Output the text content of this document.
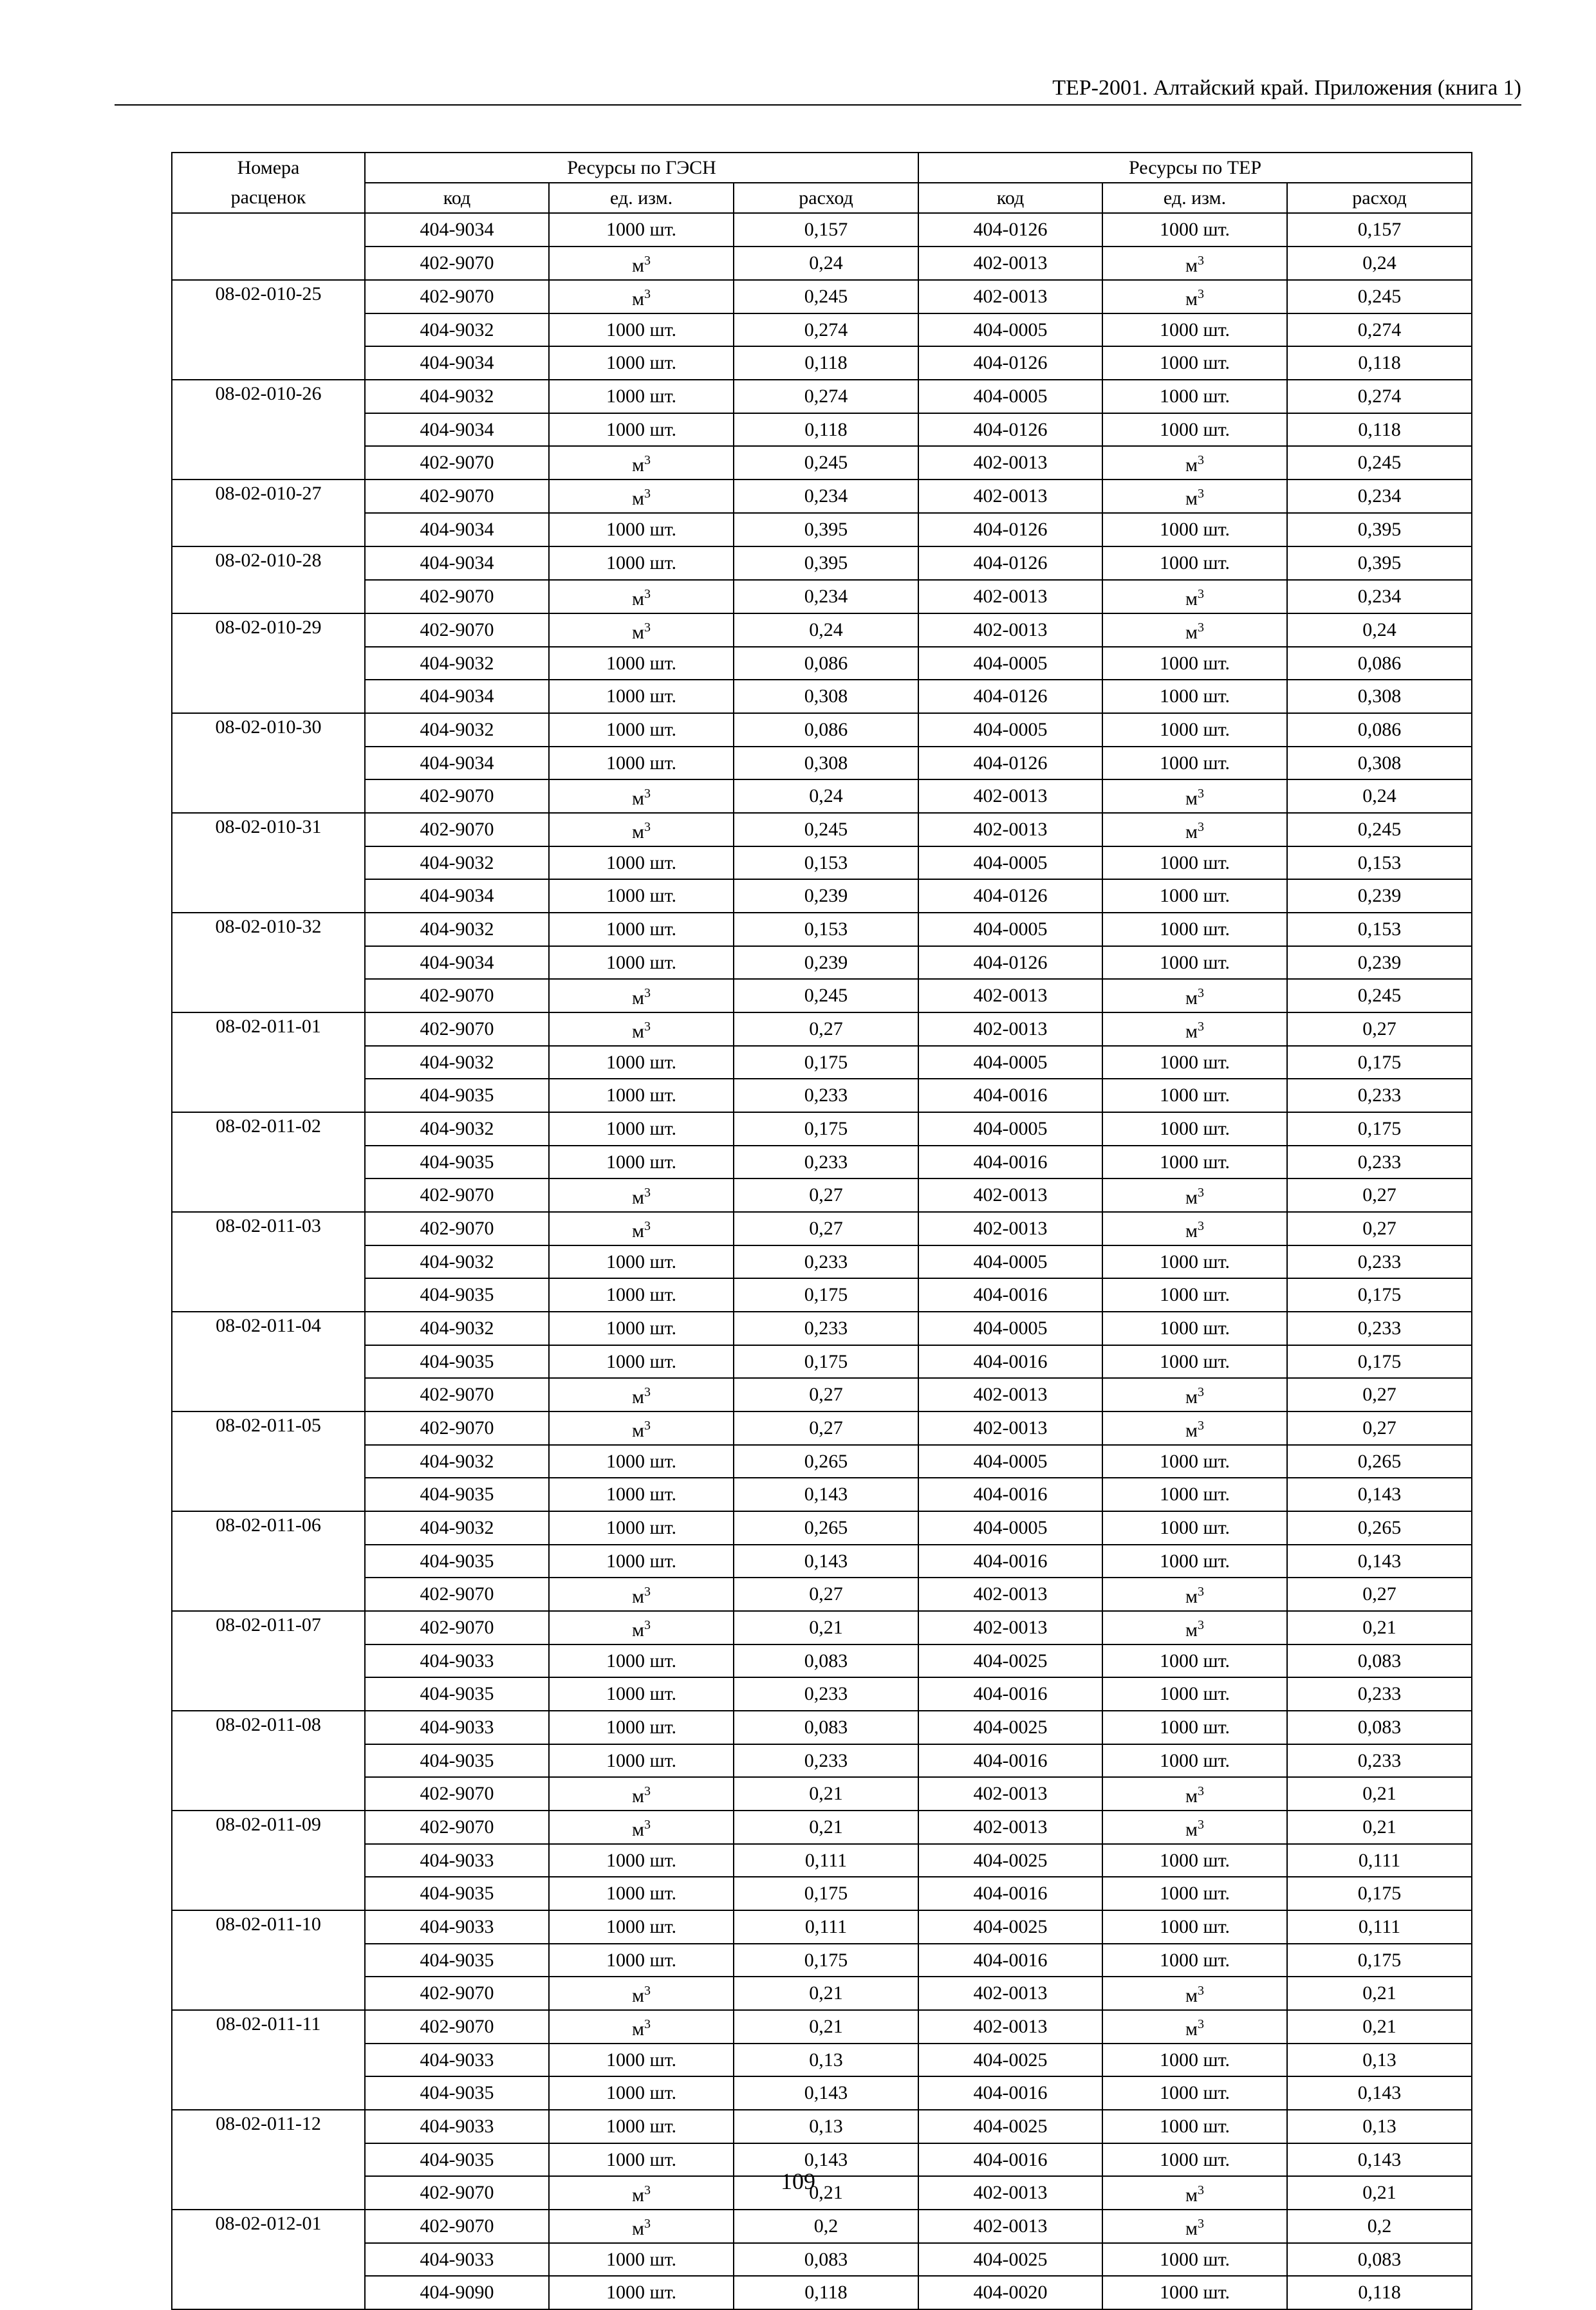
ТЕР-2001. Алтайский край. Приложения (книга 1)
Номера	Ресурсы по ГЭСН			Ресурсы по ТЕР		
расценок	код	ед. изм.	расход	код	ед. изм.	расход
	404-9034	1000 шт.	0,157	404-0126	1000 шт.	0,157
	402-9070	$м^3$	0,24	402-0013	$м^3$	0,24
08-02-010-25	402-9070	$м^3$	0,245	402-0013	$м^3$	0,245
	404-9032	1000 шт.	0,274	404-0005	1000 шт.	0,274
	404-9034	1000 шт.	0,118	404-0126	1000 шт.	0,118
08-02-010-26	404-9032	1000 шт.	0,274	404-0005	1000 шт.	0,274
	404-9034	1000 шт.	0,118	404-0126	1000 шт.	0,118
	402-9070	$м^3$	0,245	402-0013	$м^3$	0,245
08-02-010-27	402-9070	$м^3$	0,234	402-0013	$м^3$	0,234
	404-9034	1000 шт.	0,395	404-0126	1000 шт.	0,395
08-02-010-28	404-9034	1000 шт.	0,395	404-0126	1000 шт.	0,395
	402-9070	$м^3$	0,234	402-0013	$м^3$	0,234
08-02-010-29	402-9070	$м^3$	0,24	402-0013	$м^3$	0,24
	404-9032	1000 шт.	0,086	404-0005	1000 шт.	0,086
	404-9034	1000 шт.	0,308	404-0126	1000 шт.	0,308
08-02-010-30	404-9032	1000 шт.	0,086	404-0005	1000 шт.	0,086
	404-9034	1000 шт.	0,308	404-0126	1000 шт.	0,308
	402-9070	$м^3$	0,24	402-0013	$м^3$	0,24
08-02-010-31	402-9070	$м^3$	0,245	402-0013	$м^3$	0,245
	404-9032	1000 шт.	0,153	404-0005	1000 шт.	0,153
	404-9034	1000 шт.	0,239	404-0126	1000 шт.	0,239
08-02-010-32	404-9032	1000 шт.	0,153	404-0005	1000 шт.	0,153
	404-9034	1000 шт.	0,239	404-0126	1000 шт.	0,239
	402-9070	$м^3$	0,245	402-0013	$м^3$	0,245
08-02-011-01	402-9070	$м^3$	0,27	402-0013	$м^3$	0,27
	404-9032	1000 шт.	0,175	404-0005	1000 шт.	0,175
	404-9035	1000 шт.	0,233	404-0016	1000 шт.	0,233
08-02-011-02	404-9032	1000 шт.	0,175	404-0005	1000 шт.	0,175
	404-9035	1000 шт.	0,233	404-0016	1000 шт.	0,233
	402-9070	$м^3$	0,27	402-0013	$м^3$	0,27
08-02-011-03	402-9070	$м^3$	0,27	402-0013	$м^3$	0,27
	404-9032	1000 шт.	0,233	404-0005	1000 шт.	0,233
	404-9035	1000 шт.	0,175	404-0016	1000 шт.	0,175
08-02-011-04	404-9032	1000 шт.	0,233	404-0005	1000 шт.	0,233
	404-9035	1000 шт.	0,175	404-0016	1000 шт.	0,175
	402-9070	$м^3$	0,27	402-0013	$м^3$	0,27
08-02-011-05	402-9070	$м^3$	0,27	402-0013	$м^3$	0,27
	404-9032	1000 шт.	0,265	404-0005	1000 шт.	0,265
	404-9035	1000 шт.	0,143	404-0016	1000 шт.	0,143
08-02-011-06	404-9032	1000 шт.	0,265	404-0005	1000 шт.	0,265
	404-9035	1000 шт.	0,143	404-0016	1000 шт.	0,143
	402-9070	$м^3$	0,27	402-0013	$м^3$	0,27
08-02-011-07	402-9070	$м^3$	0,21	402-0013	$м^3$	0,21
	404-9033	1000 шт.	0,083	404-0025	1000 шт.	0,083
	404-9035	1000 шт.	0,233	404-0016	1000 шт.	0,233
08-02-011-08	404-9033	1000 шт.	0,083	404-0025	1000 шт.	0,083
	404-9035	1000 шт.	0,233	404-0016	1000 шт.	0,233
	402-9070	$м^3$	0,21	402-0013	$м^3$	0,21
08-02-011-09	402-9070	$м^3$	0,21	402-0013	$м^3$	0,21
	404-9033	1000 шт.	0,111	404-0025	1000 шт.	0,111
	404-9035	1000 шт.	0,175	404-0016	1000 шт.	0,175
08-02-011-10	404-9033	1000 шт.	0,111	404-0025	1000 шт.	0,111
	404-9035	1000 шт.	0,175	404-0016	1000 шт.	0,175
	402-9070	$м^3$	0,21	402-0013	$м^3$	0,21
08-02-011-11	402-9070	$м^3$	0,21	402-0013	$м^3$	0,21
	404-9033	1000 шт.	0,13	404-0025	1000 шт.	0,13
	404-9035	1000 шт.	0,143	404-0016	1000 шт.	0,143
08-02-011-12	404-9033	1000 шт.	0,13	404-0025	1000 шт.	0,13
	404-9035	1000 шт.	0,143	404-0016	1000 шт.	0,143
	402-9070	$м^3$	0,21	402-0013	$м^3$	0,21
08-02-012-01	402-9070	$м^3$	0,2	402-0013	$м^3$	0,2
	404-9033	1000 шт.	0,083	404-0025	1000 шт.	0,083
	404-9090	1000 шт.	0,118	404-0020	1000 шт.	0,118
109
